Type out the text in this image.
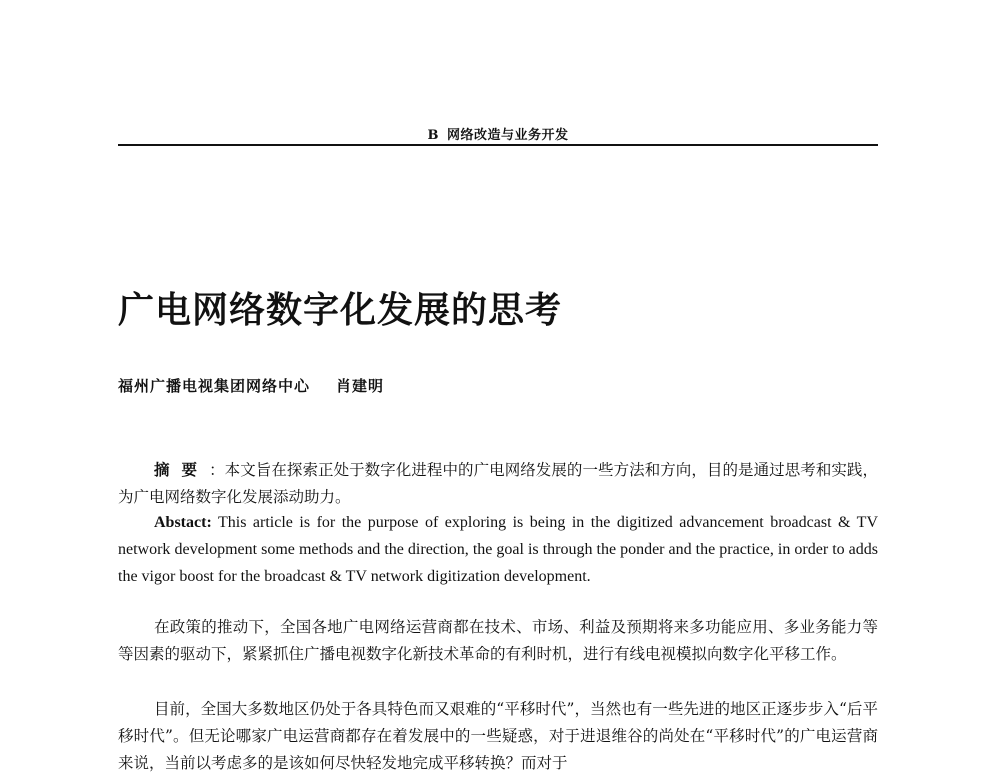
B 网络改造与业务开发
广电网络数字化发展的思考
福州广播电视集团网络中心 肖建明

摘要：本文旨在探索正处于数字化进程中的广电网络发展的一些方法和方向，目的是通过思考和实践，为广电网络数字化发展添动助力。

Abstact: This article is for the purpose of exploring is being in the digitized advancement broadcast & TV network development some methods and the direction, the goal is through the ponder and the practice, in order to adds the vigor boost for the broadcast & TV network digitization development.

在政策的推动下，全国各地广电网络运营商都在技术、市场、利益及预期将来多功能应用、多业务能力等等因素的驱动下，紧紧抓住广播电视数字化新技术革命的有利时机，进行有线电视模拟向数字化平移工作。

目前，全国大多数地区仍处于各具特色而又艰难的“平移时代”，当然也有一些先进的地区正逐步步入“后平移时代”。但无论哪家广电运营商都存在着发展中的一些疑惑，对于进退维谷的尚处在“平移时代”的广电运营商来说，当前以考虑多的是该如何尽快轻发地完成平移转换？而对于
